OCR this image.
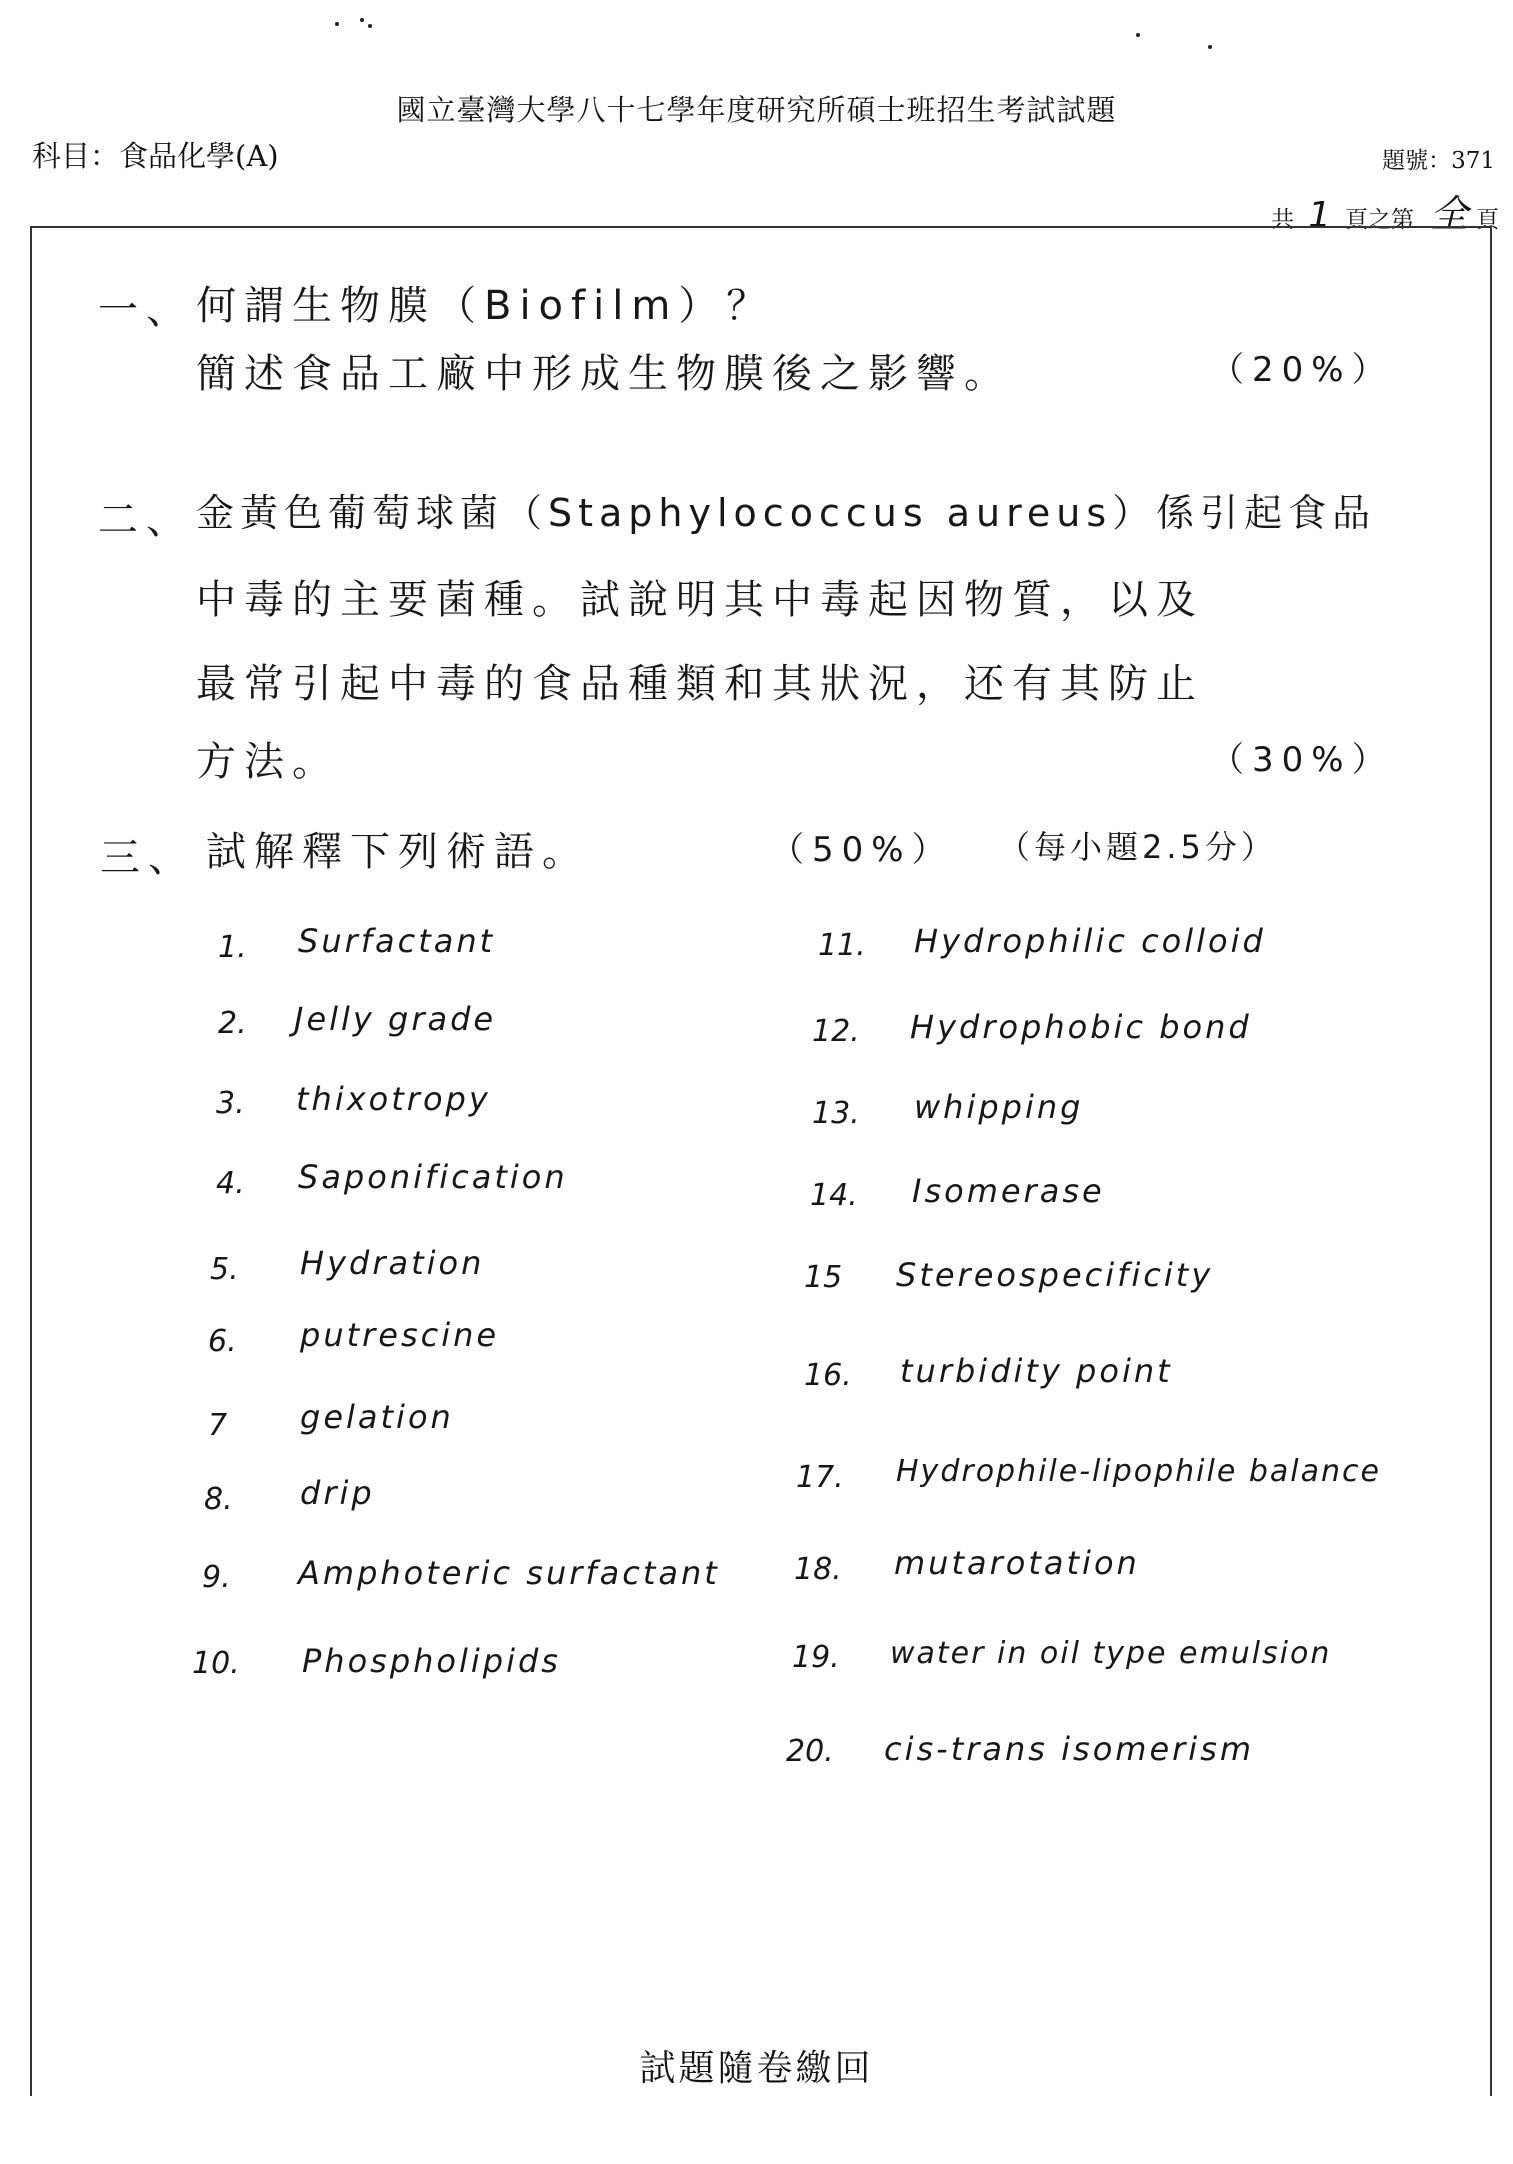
國立臺灣大學八十七學年度研究所碩士班招生考試試題
科目：食品化學(A)	題號：371
共 1 頁之第 全 頁
一、 何謂生物膜（Biofilm）？
簡述食品工廠中形成生物膜後之影響。	（20%）
二、 金黃色葡萄球菌（Staphylococcus aureus）係引起食品
中毒的主要菌種。試說明其中毒起因物質，以及
最常引起中毒的食品種類和其狀況，还有其防止
方法。	（30%）
三、 試解釋下列術語。	（50%） （每小題2.5分）
1. Surfactant
2. Jelly grade
3. thixotropy
4. Saponification
5. Hydration
6. putrescine
7 gelation
8. drip
9. Amphoteric surfactant
10. Phospholipids
11. Hydrophilic colloid
12. Hydrophobic bond
13. whipping
14. Isomerase
15 Stereospecificity
16. turbidity point
17. Hydrophile-lipophile balance
18. mutarotation
19. water in oil type emulsion
20. cis-trans isomerism
試題隨卷繳回
